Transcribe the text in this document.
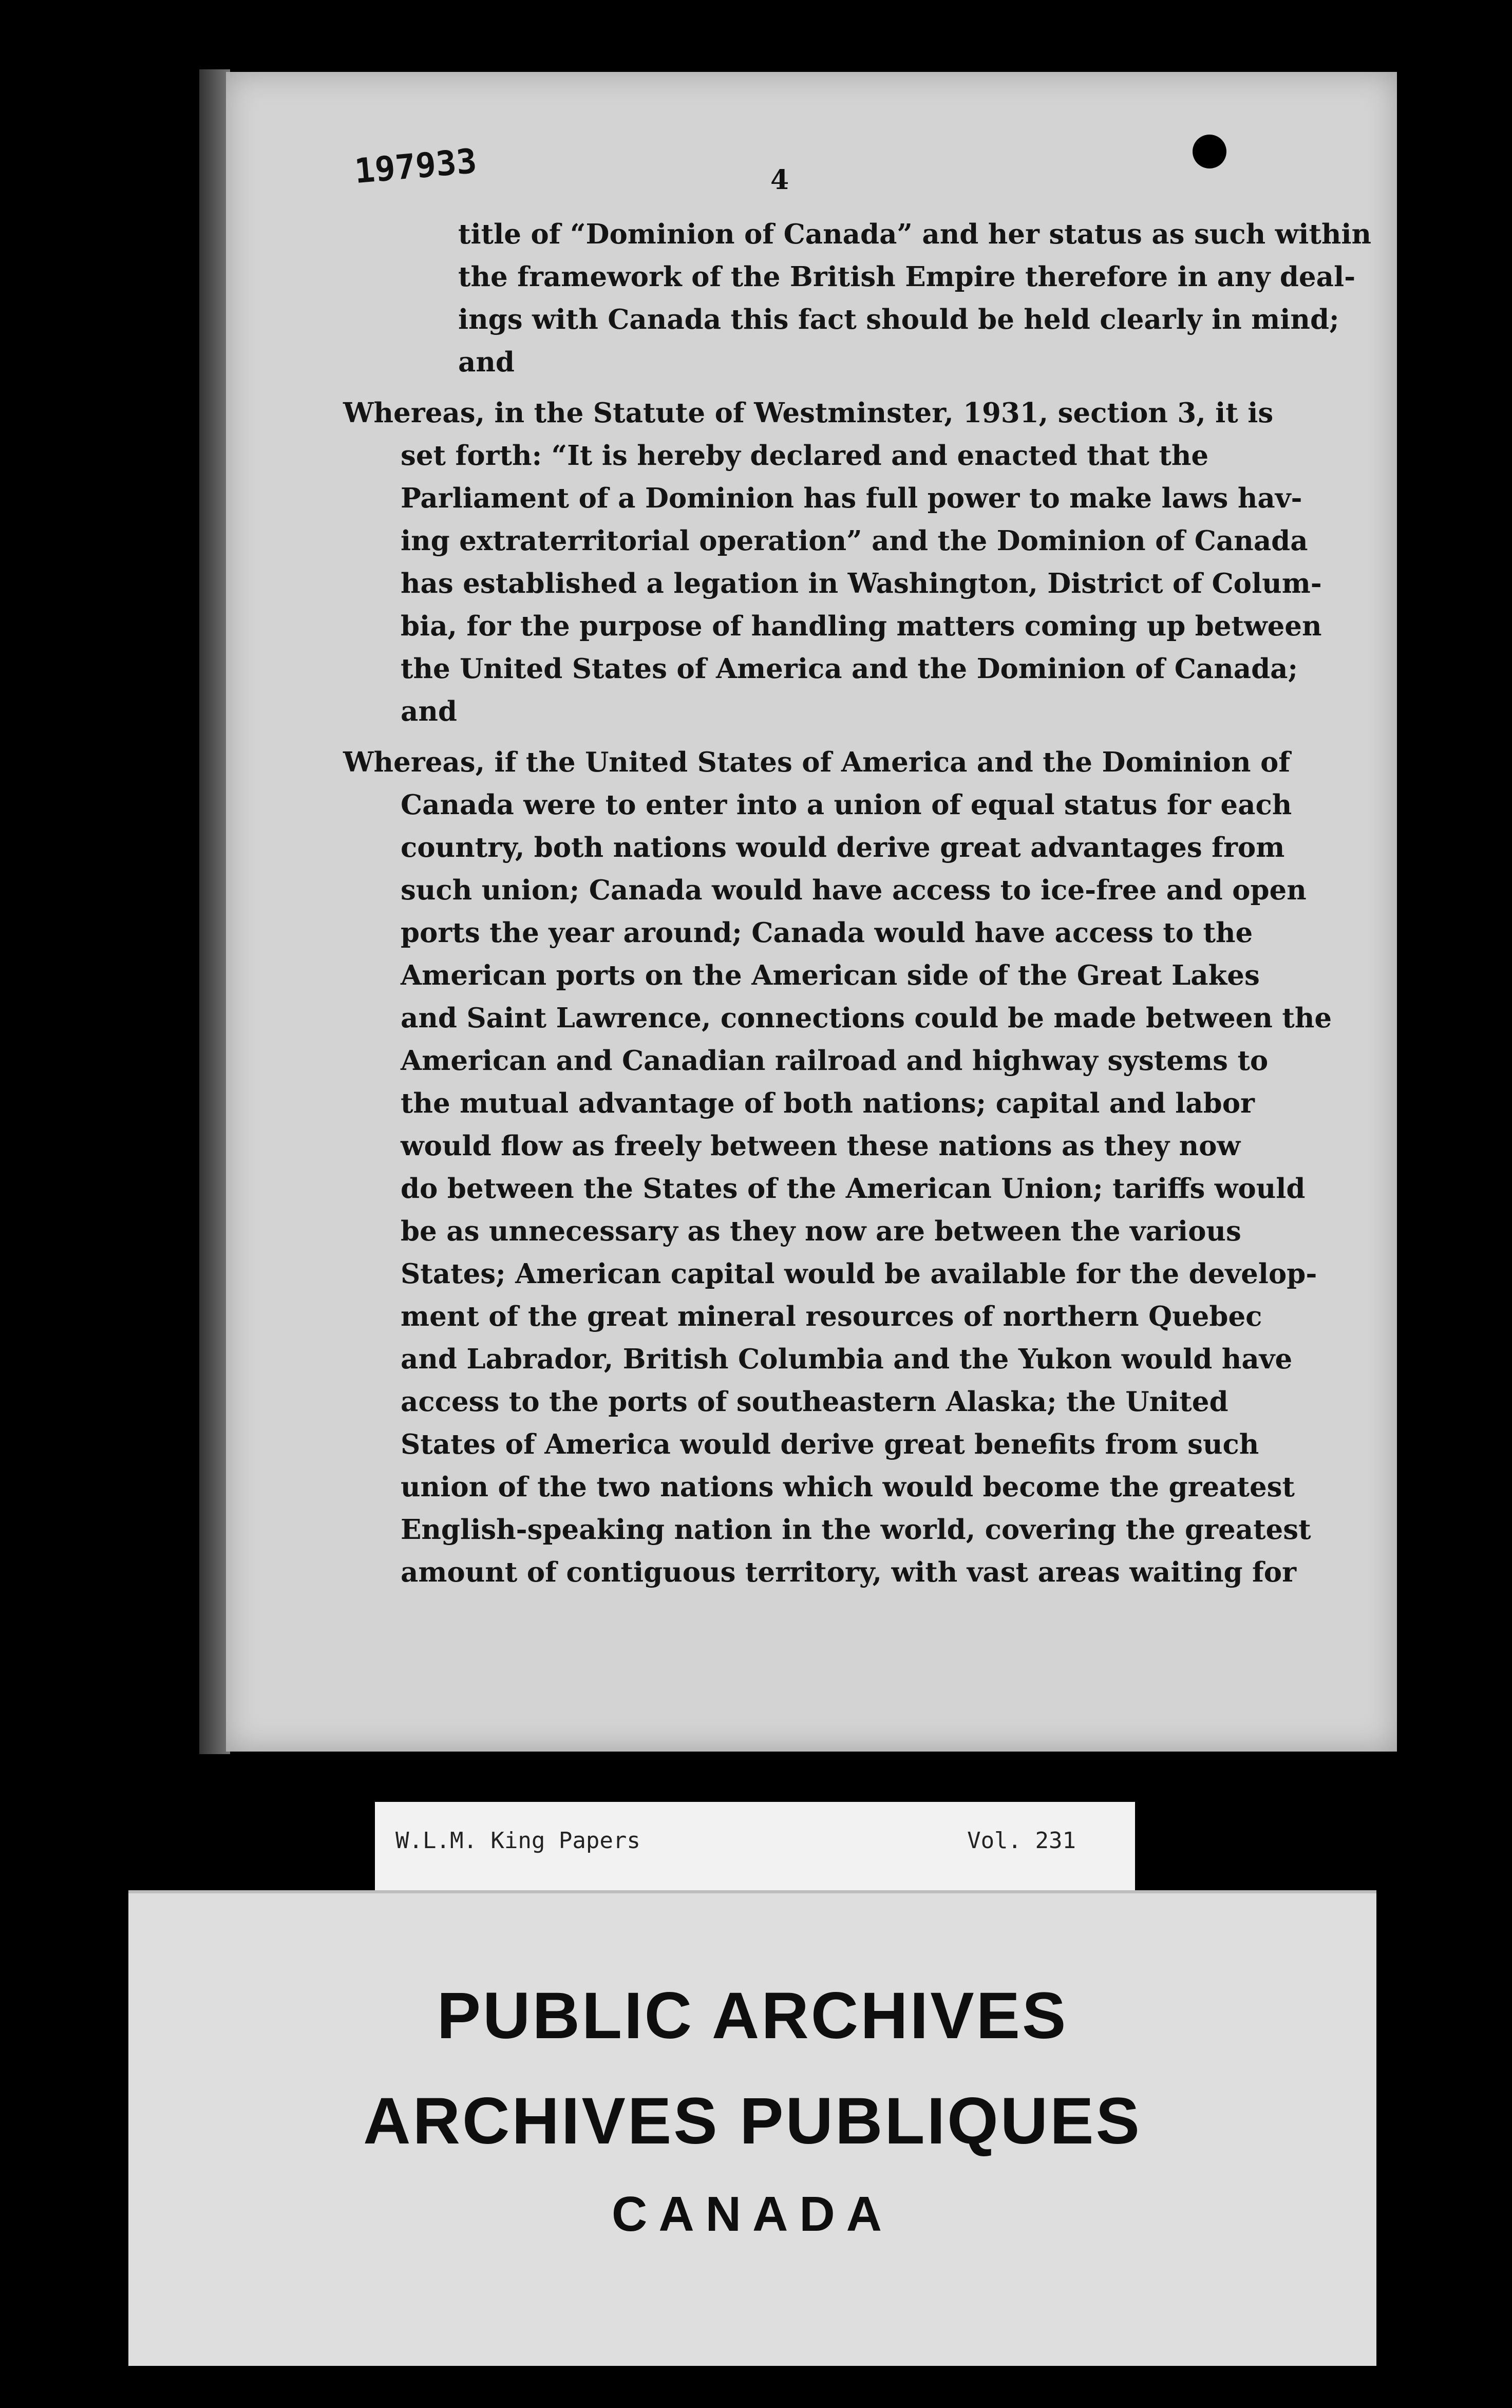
197933	4
title of “Dominion of Canada” and her status as such within
the framework of the British Empire therefore in any deal-
ings with Canada this fact should be held clearly in mind;
and
Whereas, in the Statute of Westminster, 1931, section 3, it is
set forth: “It is hereby declared and enacted that the
Parliament of a Dominion has full power to make laws hav-
ing extraterritorial operation” and the Dominion of Canada
has established a legation in Washington, District of Colum-
bia, for the purpose of handling matters coming up between
the United States of America and the Dominion of Canada;
and
Whereas, if the United States of America and the Dominion of
Canada were to enter into a union of equal status for each
country, both nations would derive great advantages from
such union; Canada would have access to ice-free and open
ports the year around; Canada would have access to the
American ports on the American side of the Great Lakes
and Saint Lawrence, connections could be made between the
American and Canadian railroad and highway systems to
the mutual advantage of both nations; capital and labor
would flow as freely between these nations as they now
do between the States of the American Union; tariffs would
be as unnecessary as they now are between the various
States; American capital would be available for the develop-
ment of the great mineral resources of northern Quebec
and Labrador, British Columbia and the Yukon would have
access to the ports of southeastern Alaska; the United
States of America would derive great benefits from such
union of the two nations which would become the greatest
English-speaking nation in the world, covering the greatest
amount of contiguous territory, with vast areas waiting for
W.L.M. King Papers	Vol. 231
PUBLIC ARCHIVES
ARCHIVES PUBLIQUES
CANADA
